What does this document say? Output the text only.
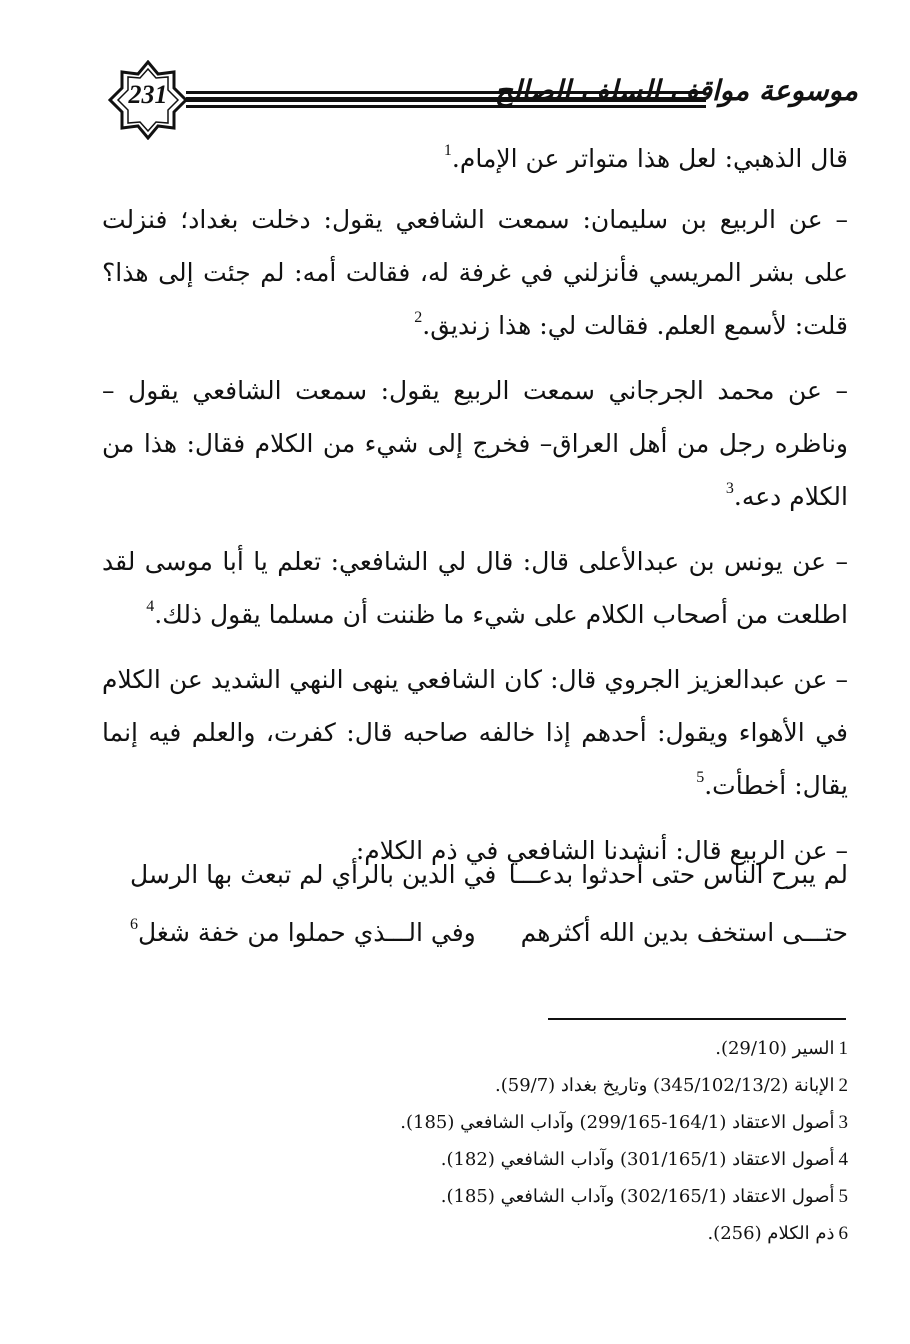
231	موسوعة مواقف السلف الصالح

قال الذهبي: لعل هذا متواتر عن الإمام.$^1$

– عن الربيع بن سليمان: سمعت الشافعي يقول: دخلت بغداد؛ فنزلت على بشر المريسي فأنزلني في غرفة له، فقالت أمه: لم جئت إلى هذا؟ قلت: لأسمع العلم. فقالت لي: هذا زنديق.$^2$

– عن محمد الجرجاني سمعت الربيع يقول: سمعت الشافعي يقول – وناظره رجل من أهل العراق– فخرج إلى شيء من الكلام فقال: هذا من الكلام دعه.$^3$

– عن يونس بن عبدالأعلى قال: قال لي الشافعي: تعلم يا أبا موسى لقد اطلعت من أصحاب الكلام على شيء ما ظننت أن مسلما يقول ذلك.$^4$

– عن عبدالعزيز الجروي قال: كان الشافعي ينهى النهي الشديد عن الكلام في الأهواء ويقول: أحدهم إذا خالفه صاحبه قال: كفرت، والعلم فيه إنما يقال: أخطأت.$^5$

– عن الربيع قال: أنشدنا الشافعي في ذم الكلام:

لم يبرح الناس حتى أحدثوا بدعـــا
في الدين بالرأي لم تبعث بها الرسل
حتـــى استخف بدين الله أكثرهم
وفي الـــذي حملوا من خفة شغل$^6$
1السير (29/10).
2الإبانة (345/102/13/2) وتاريخ بغداد (59/7).
3أصول الاعتقاد (164/1-299/165) وآداب الشافعي (185).
4أصول الاعتقاد (301/165/1) وآداب الشافعي (182).
5أصول الاعتقاد (302/165/1) وآداب الشافعي (185).
6ذم الكلام (256).
